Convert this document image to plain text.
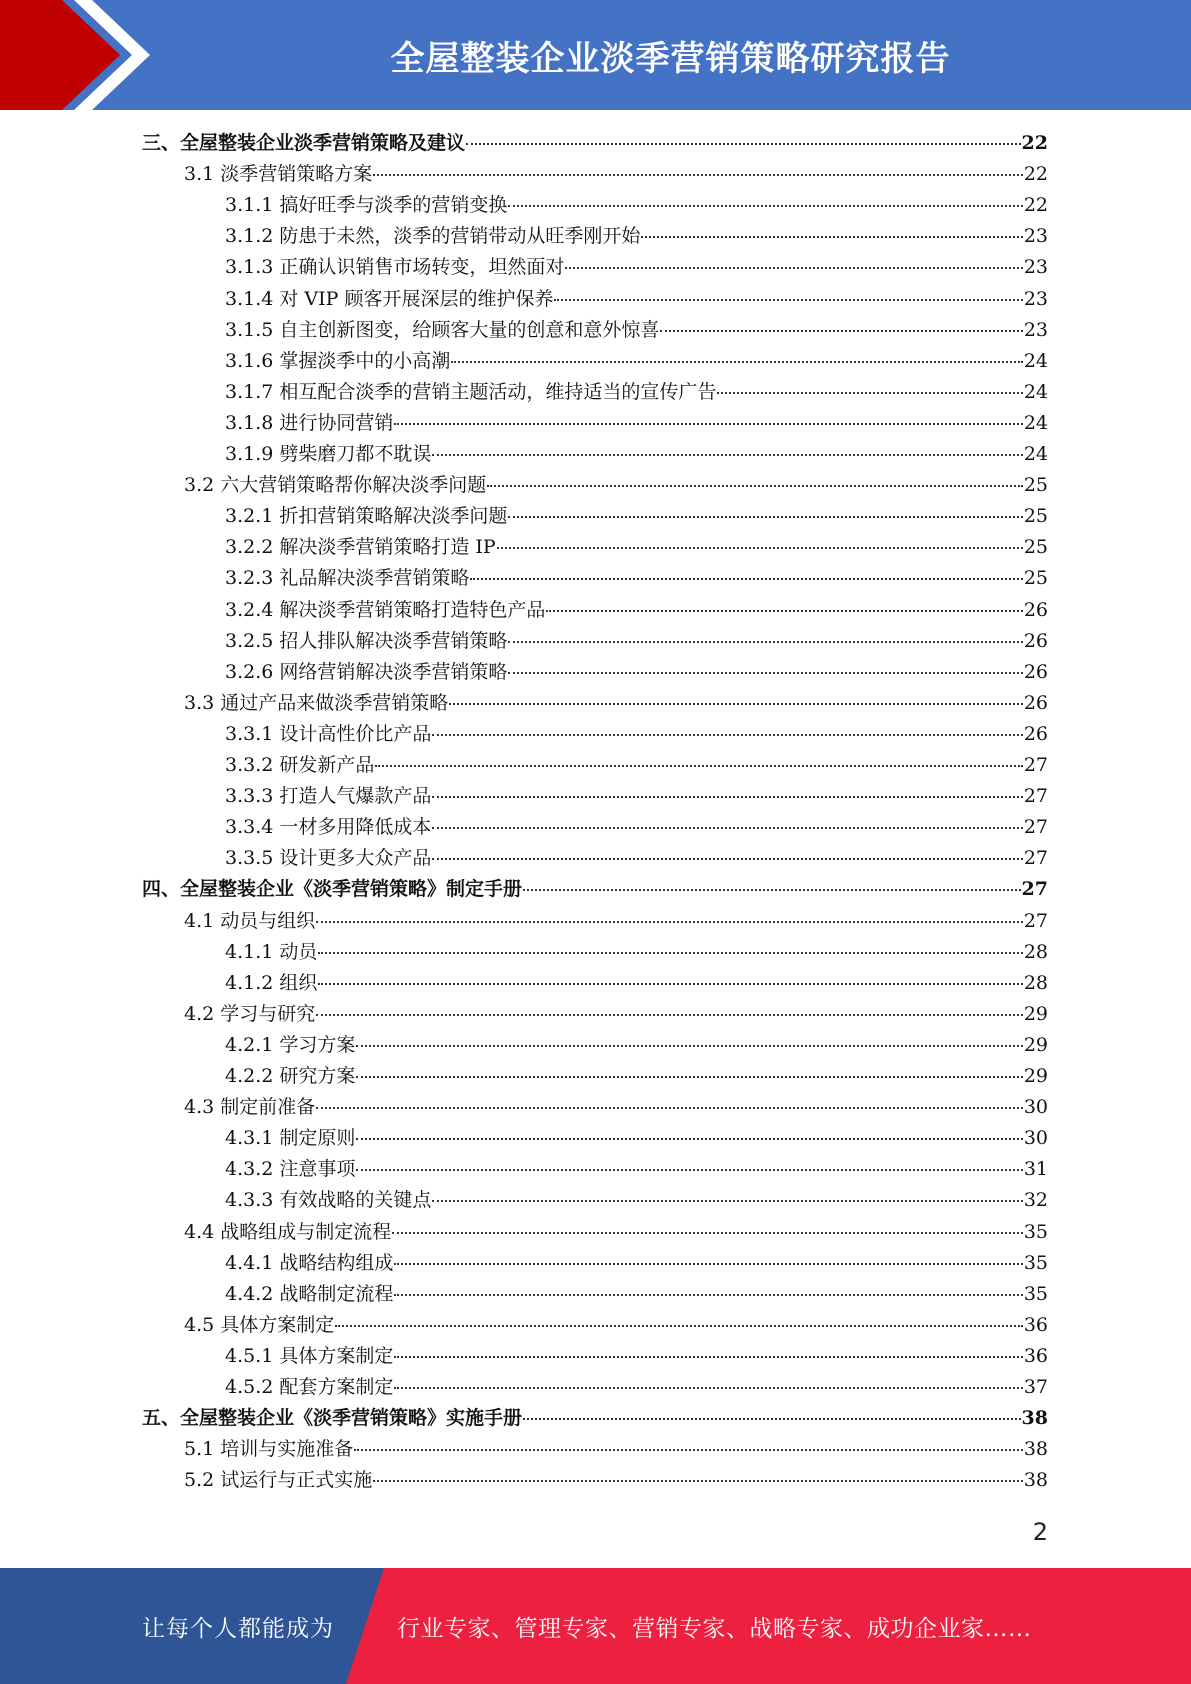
全屋整装企业淡季营销策略研究报告
三、全屋整装企业淡季营销策略及建议	22
3.1 淡季营销策略方案	22
3.1.1 搞好旺季与淡季的营销变换	22
3.1.2 防患于未然，淡季的营销带动从旺季刚开始	23
3.1.3 正确认识销售市场转变，坦然面对	23
3.1.4 对 VIP 顾客开展深层的维护保养	23
3.1.5 自主创新图变，给顾客大量的创意和意外惊喜	23
3.1.6 掌握淡季中的小高潮	24
3.1.7 相互配合淡季的营销主题活动，维持适当的宣传广告	24
3.1.8 进行协同营销	24
3.1.9 劈柴磨刀都不耽误	24
3.2 六大营销策略帮你解决淡季问题	25
3.2.1 折扣营销策略解决淡季问题	25
3.2.2 解决淡季营销策略打造 IP	25
3.2.3 礼品解决淡季营销策略	25
3.2.4 解决淡季营销策略打造特色产品	26
3.2.5 招人排队解决淡季营销策略	26
3.2.6 网络营销解决淡季营销策略	26
3.3 通过产品来做淡季营销策略	26
3.3.1 设计高性价比产品	26
3.3.2 研发新产品	27
3.3.3 打造人气爆款产品	27
3.3.4 一材多用降低成本	27
3.3.5 设计更多大众产品	27
四、全屋整装企业《淡季营销策略》制定手册	27
4.1 动员与组织	27
4.1.1 动员	28
4.1.2 组织	28
4.2 学习与研究	29
4.2.1 学习方案	29
4.2.2 研究方案	29
4.3 制定前准备	30
4.3.1 制定原则	30
4.3.2 注意事项	31
4.3.3 有效战略的关键点	32
4.4 战略组成与制定流程	35
4.4.1 战略结构组成	35
4.4.2 战略制定流程	35
4.5 具体方案制定	36
4.5.1 具体方案制定	36
4.5.2 配套方案制定	37
五、全屋整装企业《淡季营销策略》实施手册	38
5.1 培训与实施准备	38
5.2 试运行与正式实施	38
2
让每个人都能成为	行业专家、管理专家、营销专家、战略专家、成功企业家……
